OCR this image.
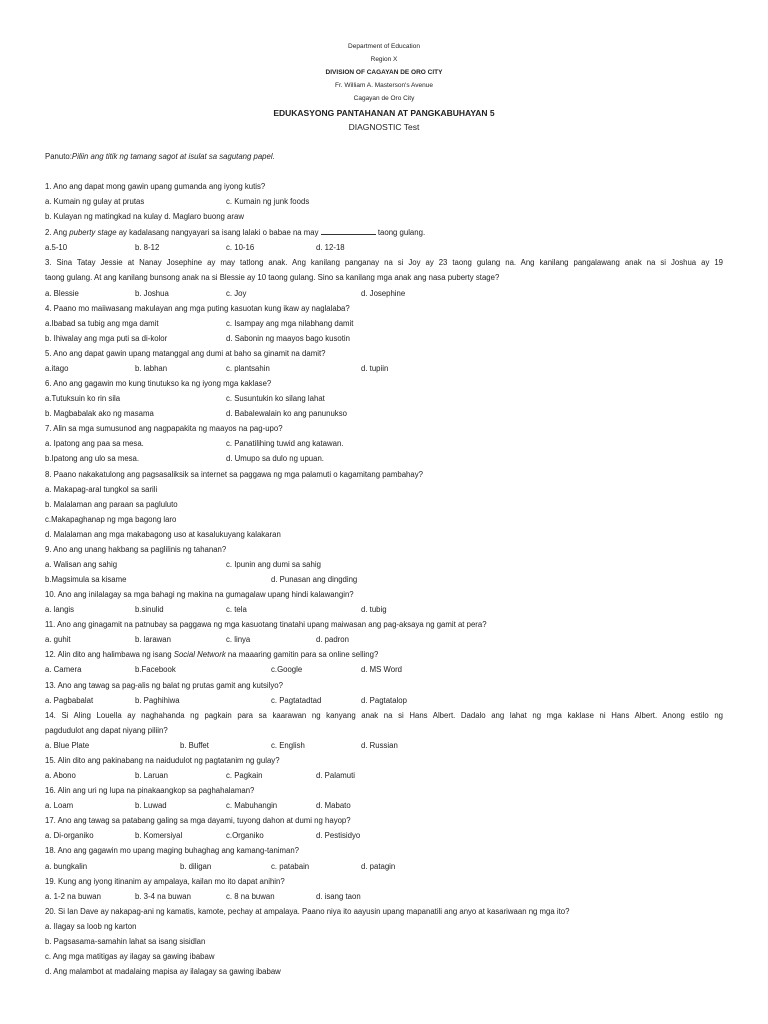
Department of Education
Region X
DIVISION OF CAGAYAN DE ORO CITY
Fr. William A. Masterson's Avenue
Cagayan de Oro City
EDUKASYONG PANTAHANAN AT PANGKABUHAYAN 5
DIAGNOSTIC Test
Panuto:Piliin ang titik ng tamang sagot at isulat sa sagutang papel.
1. Ano ang dapat mong gawin upang gumanda ang iyong kutis?
a. Kumain ng gulay at prutas	c. Kumain ng junk foods
b. Kulayan ng matingkad na kulay d. Maglaro buong araw
2. Ang puberty stage ay kadalasang nangyayari sa isang lalaki o babae na may	taong gulang.
a.5-10	b. 8-12	c. 10-16	d. 12-18
3. Sina Tatay Jessie at Nanay Josephine ay may tatlong anak. Ang kanilang panganay na si Joy ay 23 taong gulang na. Ang kanilang pangalawang anak na si Joshua ay 19
taong gulang. At ang kanilang bunsong anak na si Blessie ay 10 taong gulang. Sino sa kanilang mga anak ang nasa puberty stage?
a. Blessie	b. Joshua	c. Joy	d. Josephine
4. Paano mo maiiwasang makulayan ang mga puting kasuotan kung ikaw ay naglalaba?
a.Ibabad sa tubig ang mga damit	c. Isampay ang mga nilabhang damit
b. Ihiwalay ang mga puti sa di-kolor	d. Sabonin ng maayos bago kusotin
5. Ano ang dapat gawin upang matanggal ang dumi at baho sa ginamit na damit?
a.itago	b. labhan	c. plantsahin	d. tupiin
6. Ano ang gagawin mo kung tinutukso ka ng iyong mga kaklase?
a.Tutuksuin ko rin sila	c. Susuntukin ko silang lahat
b. Magbabalak ako ng masama	d. Babalewalain ko ang panunukso
7. Alin sa mga sumusunod ang nagpapakita ng maayos na pag-upo?
a. Ipatong ang paa sa mesa.	c. Panatilihing tuwid ang katawan.
b.Ipatong ang ulo sa mesa.	d. Umupo sa dulo ng upuan.
8. Paano nakakatulong ang pagsasaliksik sa internet sa paggawa ng mga palamuti o kagamitang pambahay?
a. Makapag-aral tungkol sa sarili
b. Malalaman ang paraan sa pagluluto
c.Makapaghanap ng mga bagong laro
d. Malalaman ang mga makabagong uso at kasalukuyang kalakaran
9. Ano ang unang hakbang sa paglilinis ng tahanan?
a. Walisan ang sahig	c. Ipunin ang dumi sa sahig
b.Magsimula sa kisame	d. Punasan ang dingding
10. Ano ang inilalagay sa mga bahagi ng makina na gumagalaw upang hindi kalawangin?
a. langis	b.sinulid	c. tela	d. tubig
11. Ano ang ginagamit na patnubay sa paggawa ng mga kasuotang tinatahi upang maiwasan ang pag-aksaya ng gamit at pera?
a. guhit	b. larawan	c. linya	d. padron
12. Alin dito ang halimbawa ng isang Social Network na maaaring gamitin para sa online selling?
a. Camera	b.Facebook	c.Google	d. MS Word
13. Ano ang tawag sa pag-alis ng balat ng prutas gamit ang kutsilyo?
a. Pagbabalat	b. Paghihiwa	c. Pagtatadtad	d. Pagtatalop
14. Si Aling Louella ay naghahanda ng pagkain para sa kaarawan ng kanyang anak na si Hans Albert. Dadalo ang lahat ng mga kaklase ni Hans Albert. Anong estilo ng
pagdudulot ang dapat niyang piliin?
a. Blue Plate	b. Buffet	c. English	d. Russian
15. Alin dito ang pakinabang na naidudulot ng pagtatanim ng gulay?
a. Abono	b. Laruan	c. Pagkain	d. Palamuti
16. Alin ang uri ng lupa na pinakaangkop sa paghahalaman?
a. Loam	b. Luwad	c. Mabuhangin	d. Mabato
17. Ano ang tawag sa patabang galing sa mga dayami, tuyong dahon at dumi ng hayop?
a. Di-organiko	b. Komersiyal	c.Organiko	d. Pestisidyo
18. Ano ang gagawin mo upang maging buhaghag ang kamang-taniman?
a. bungkalin	b. diligan	c. patabain	d. patagin
19. Kung ang iyong itinanim ay ampalaya, kailan mo ito dapat anihin?
a. 1-2 na buwan	b. 3-4 na buwan	c. 8 na buwan	d. isang taon
20. Si Ian Dave ay nakapag-ani ng kamatis, kamote, pechay at ampalaya. Paano niya ito aayusin upang mapanatili ang anyo at kasariwaan ng mga ito?
a. Ilagay sa loob ng karton
b. Pagsasama-samahin lahat sa isang sisidlan
c. Ang mga matitigas ay ilagay sa gawing ibabaw
d. Ang malambot at madalaing mapisa ay ilalagay sa gawing ibabaw
